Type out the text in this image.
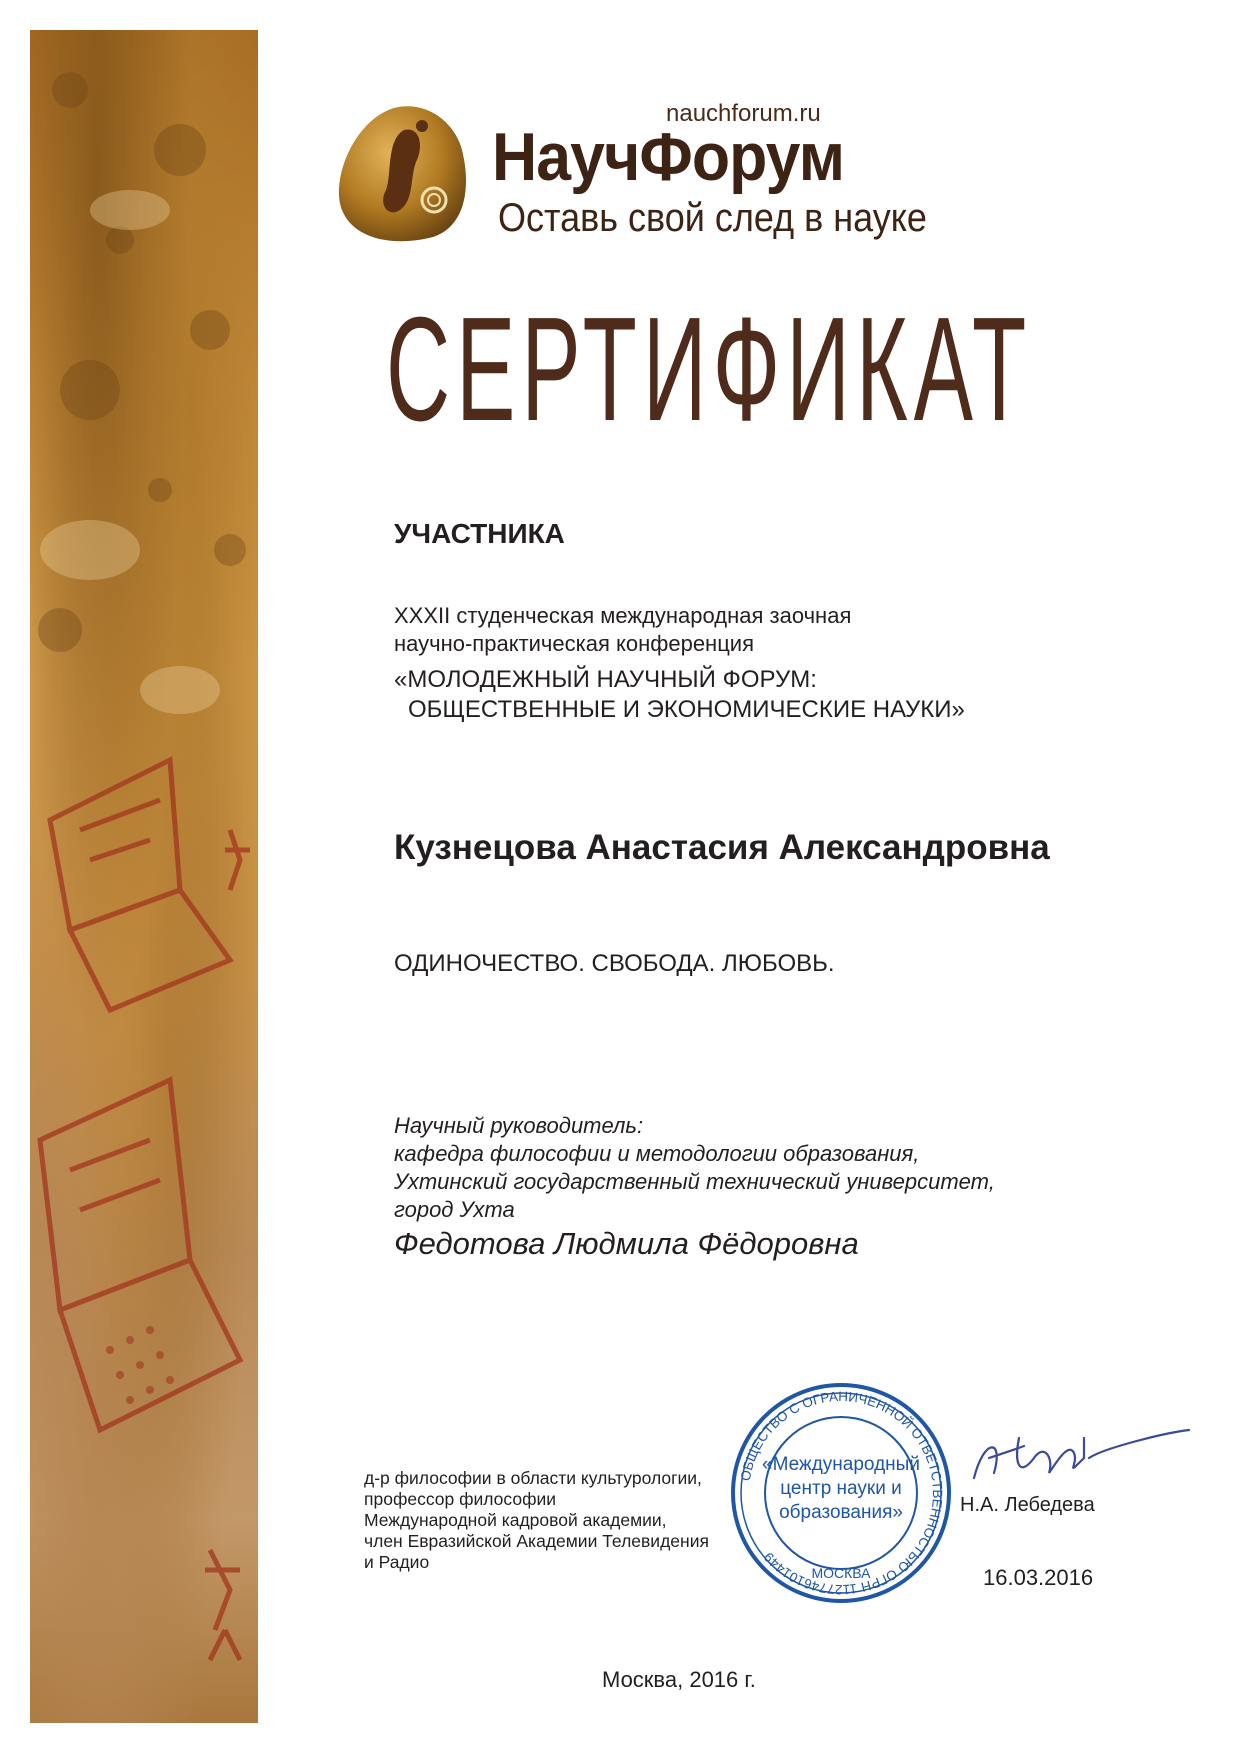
nauchforum.ru
НаучФорум
Оставь свой след в науке
СЕРТИФИКАТ
УЧАСТНИКА
XXXII студенческая международная заочная
научно-практическая конференция
«МОЛОДЕЖНЫЙ НАУЧНЫЙ ФОРУМ:
ОБЩЕСТВЕННЫЕ И ЭКОНОМИЧЕСКИЕ НАУКИ»
Кузнецова Анастасия Александровна
ОДИНОЧЕСТВО. СВОБОДА. ЛЮБОВЬ.
Научный руководитель:
кафедра философии и методологии образования,
Ухтинский государственный технический университет,
город Ухта
Федотова Людмила Фёдоровна
д-р философии в области культурологии,
профессор философии
Международной кадровой академии,
член Евразийской Академии Телевидения
и Радио
ОБЩЕСТВО С ОГРАНИЧЕННОЙ ОТВЕТСТВЕННОСТЬЮ ОГРН 1127746101449
«Международный
центр науки и
образования»
МОСКВА
Н.А. Лебедева
16.03.2016
Москва, 2016 г.
